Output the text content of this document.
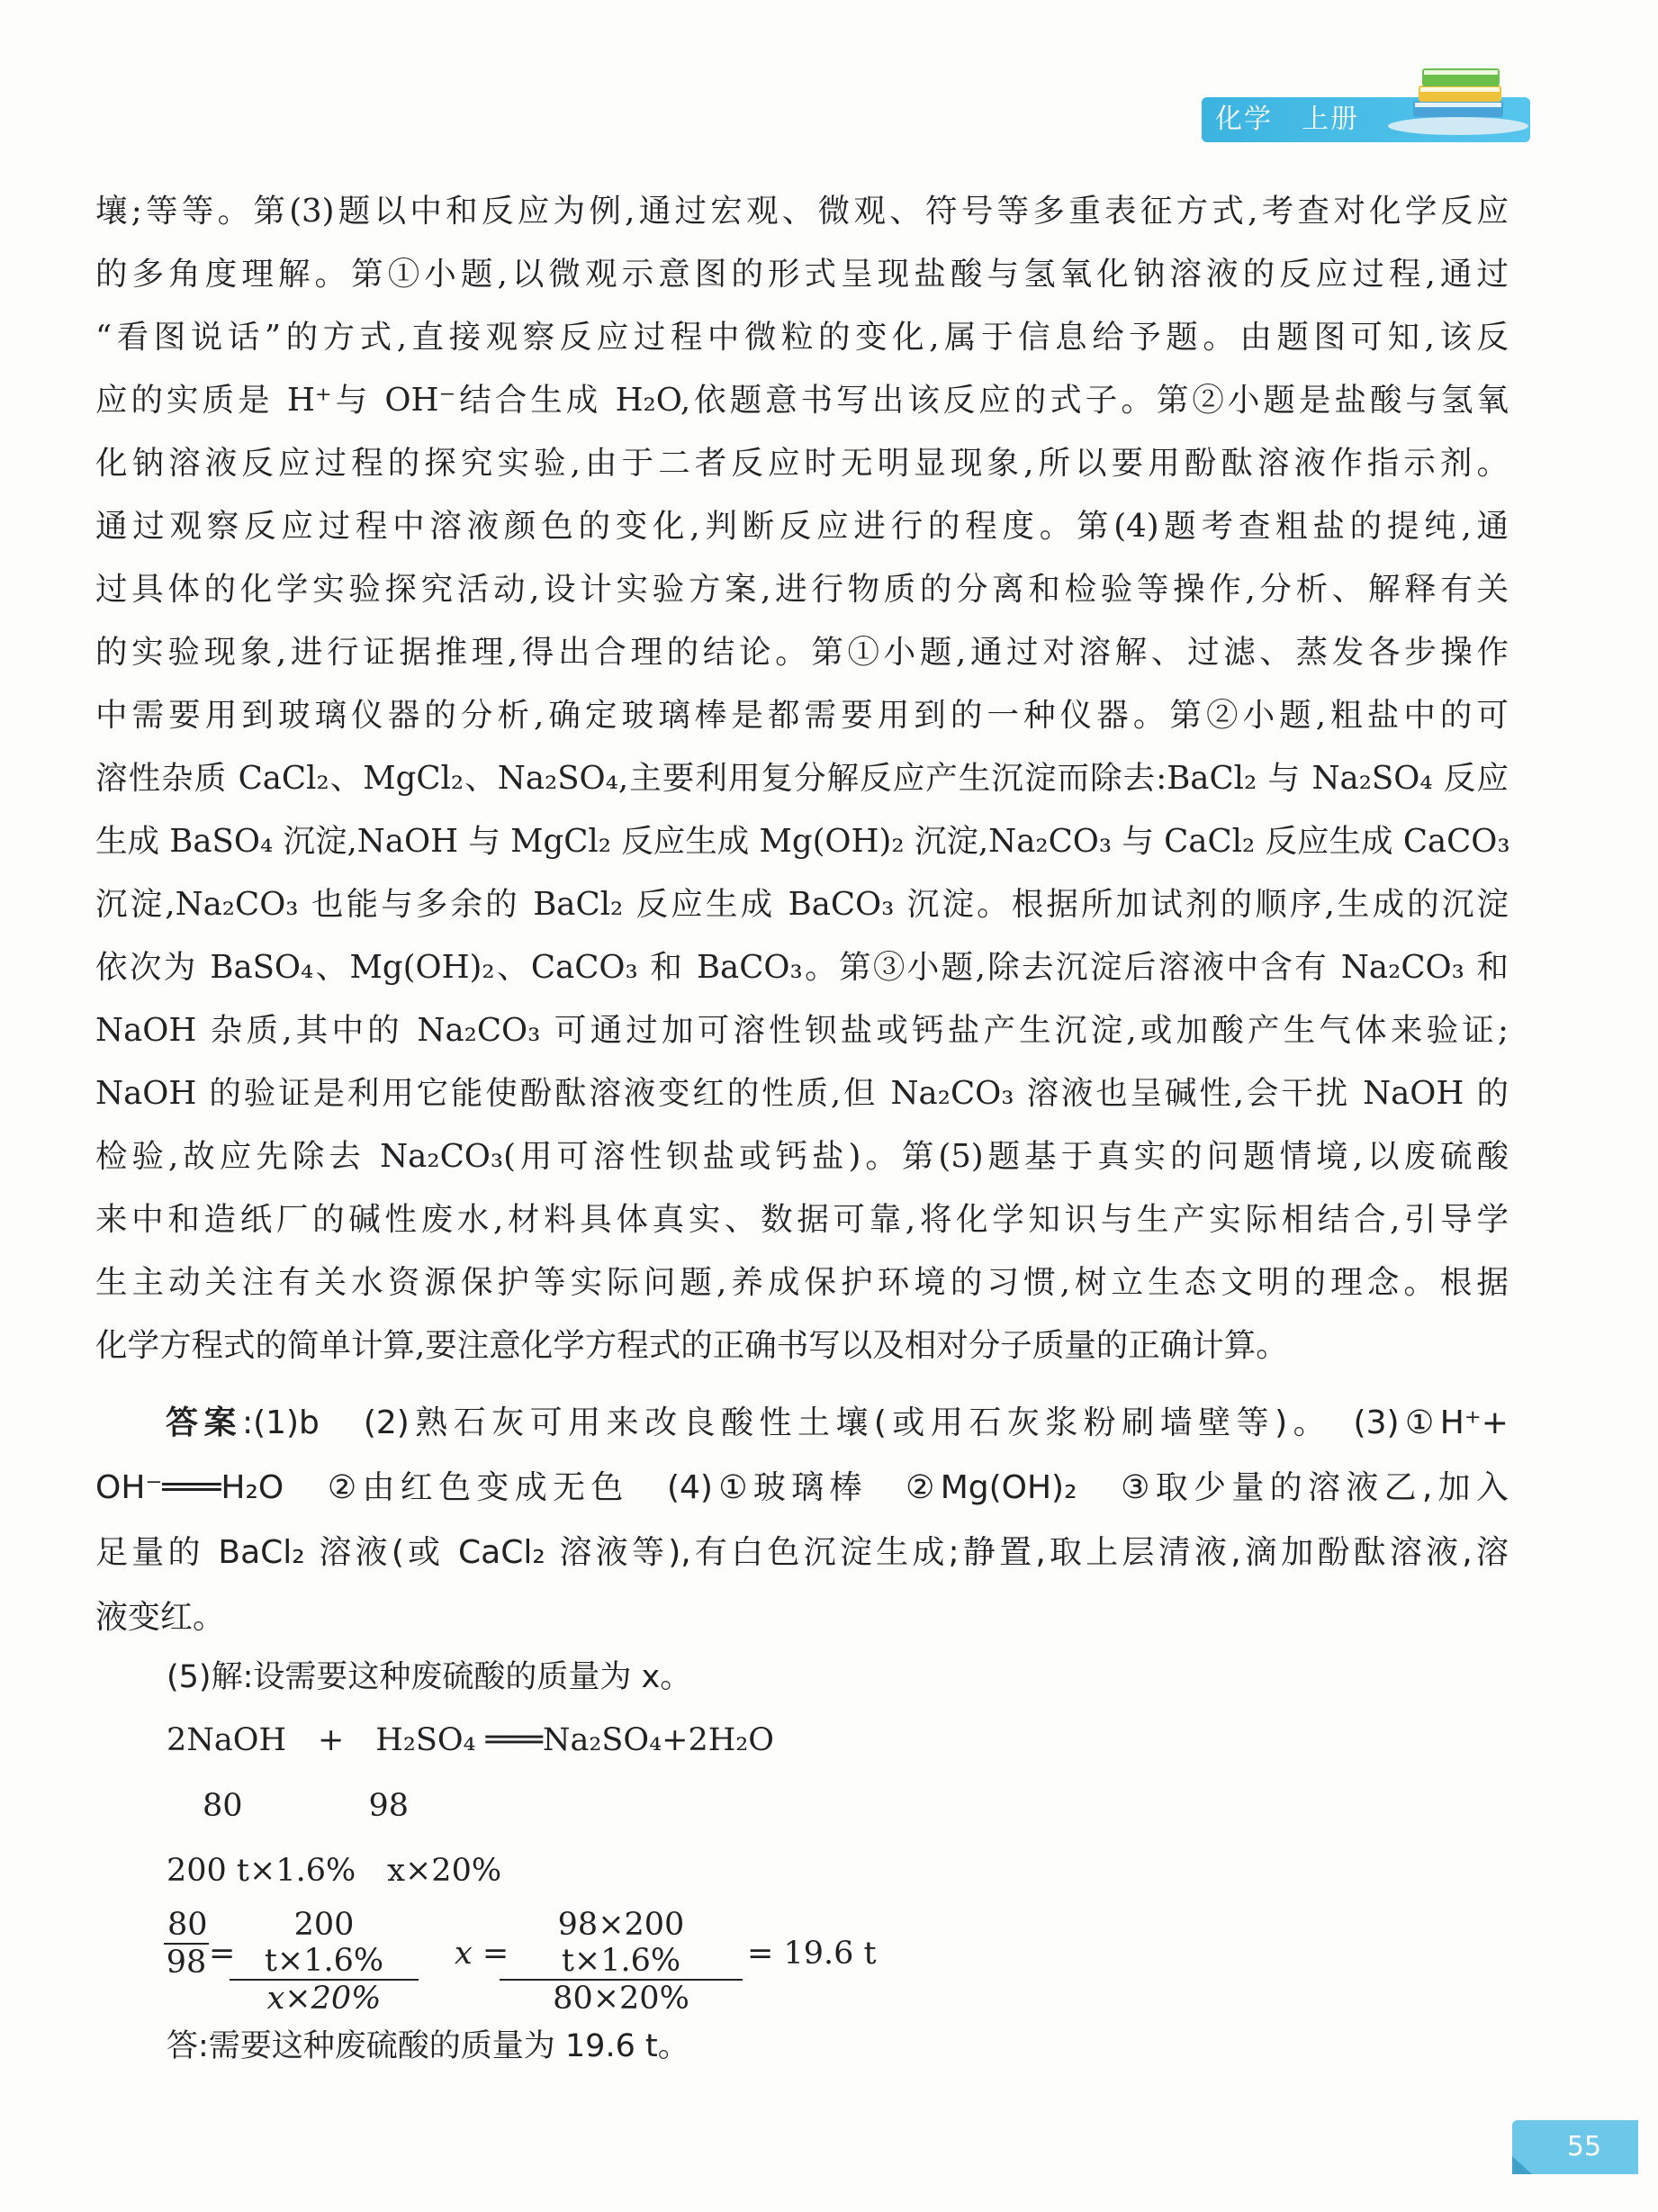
化学　上册
壤;等等。第(3)题以中和反应为例,通过宏观、微观、符号等多重表征方式,考查对化学反应
的多角度理解。第①小题,以微观示意图的形式呈现盐酸与氢氧化钠溶液的反应过程,通过
“看图说话”的方式,直接观察反应过程中微粒的变化,属于信息给予题。由题图可知,该反
应的实质是 H⁺与 OH⁻结合生成 H₂O,依题意书写出该反应的式子。第②小题是盐酸与氢氧
化钠溶液反应过程的探究实验,由于二者反应时无明显现象,所以要用酚酞溶液作指示剂。
通过观察反应过程中溶液颜色的变化,判断反应进行的程度。第(4)题考查粗盐的提纯,通
过具体的化学实验探究活动,设计实验方案,进行物质的分离和检验等操作,分析、解释有关
的实验现象,进行证据推理,得出合理的结论。第①小题,通过对溶解、过滤、蒸发各步操作
中需要用到玻璃仪器的分析,确定玻璃棒是都需要用到的一种仪器。第②小题,粗盐中的可
溶性杂质 CaCl₂、MgCl₂、Na₂SO₄,主要利用复分解反应产生沉淀而除去:BaCl₂ 与 Na₂SO₄ 反应
生成 BaSO₄ 沉淀,NaOH 与 MgCl₂ 反应生成 Mg(OH)₂ 沉淀,Na₂CO₃ 与 CaCl₂ 反应生成 CaCO₃
沉淀,Na₂CO₃ 也能与多余的 BaCl₂ 反应生成 BaCO₃ 沉淀。根据所加试剂的顺序,生成的沉淀
依次为 BaSO₄、Mg(OH)₂、CaCO₃ 和 BaCO₃。第③小题,除去沉淀后溶液中含有 Na₂CO₃ 和
NaOH 杂质,其中的 Na₂CO₃ 可通过加可溶性钡盐或钙盐产生沉淀,或加酸产生气体来验证;
NaOH 的验证是利用它能使酚酞溶液变红的性质,但 Na₂CO₃ 溶液也呈碱性,会干扰 NaOH 的
检验,故应先除去 Na₂CO₃(用可溶性钡盐或钙盐)。第(5)题基于真实的问题情境,以废硫酸
来中和造纸厂的碱性废水,材料具体真实、数据可靠,将化学知识与生产实际相结合,引导学
生主动关注有关水资源保护等实际问题,养成保护环境的习惯,树立生态文明的理念。根据
化学方程式的简单计算,要注意化学方程式的正确书写以及相对分子质量的正确计算。
答案:(1)b　(2)熟石灰可用来改良酸性土壤(或用石灰浆粉刷墙壁等)。　(3)①H⁺+
OH⁻═══H₂O　②由红色变成无色　(4)①玻璃棒　②Mg(OH)₂　③取少量的溶液乙,加入
足量的 BaCl₂ 溶液(或 CaCl₂ 溶液等),有白色沉淀生成;静置,取上层清液,滴加酚酞溶液,溶
液变红。
(5)解:设需要这种废硫酸的质量为 x。
2NaOH　+　H₂SO₄ ═══Na₂SO₄+2H₂O
80　　　　98
200 t×1.6%　x×20%
$\frac{80}{98}$ =
$\frac{200 t\times 1.6\%}{x\times 20\%}$ x =
$\frac{98\times 200 t\times 1.6\%}{80\times 20\%} = 19.6$ t
答:需要这种废硫酸的质量为 19.6 t。
55
